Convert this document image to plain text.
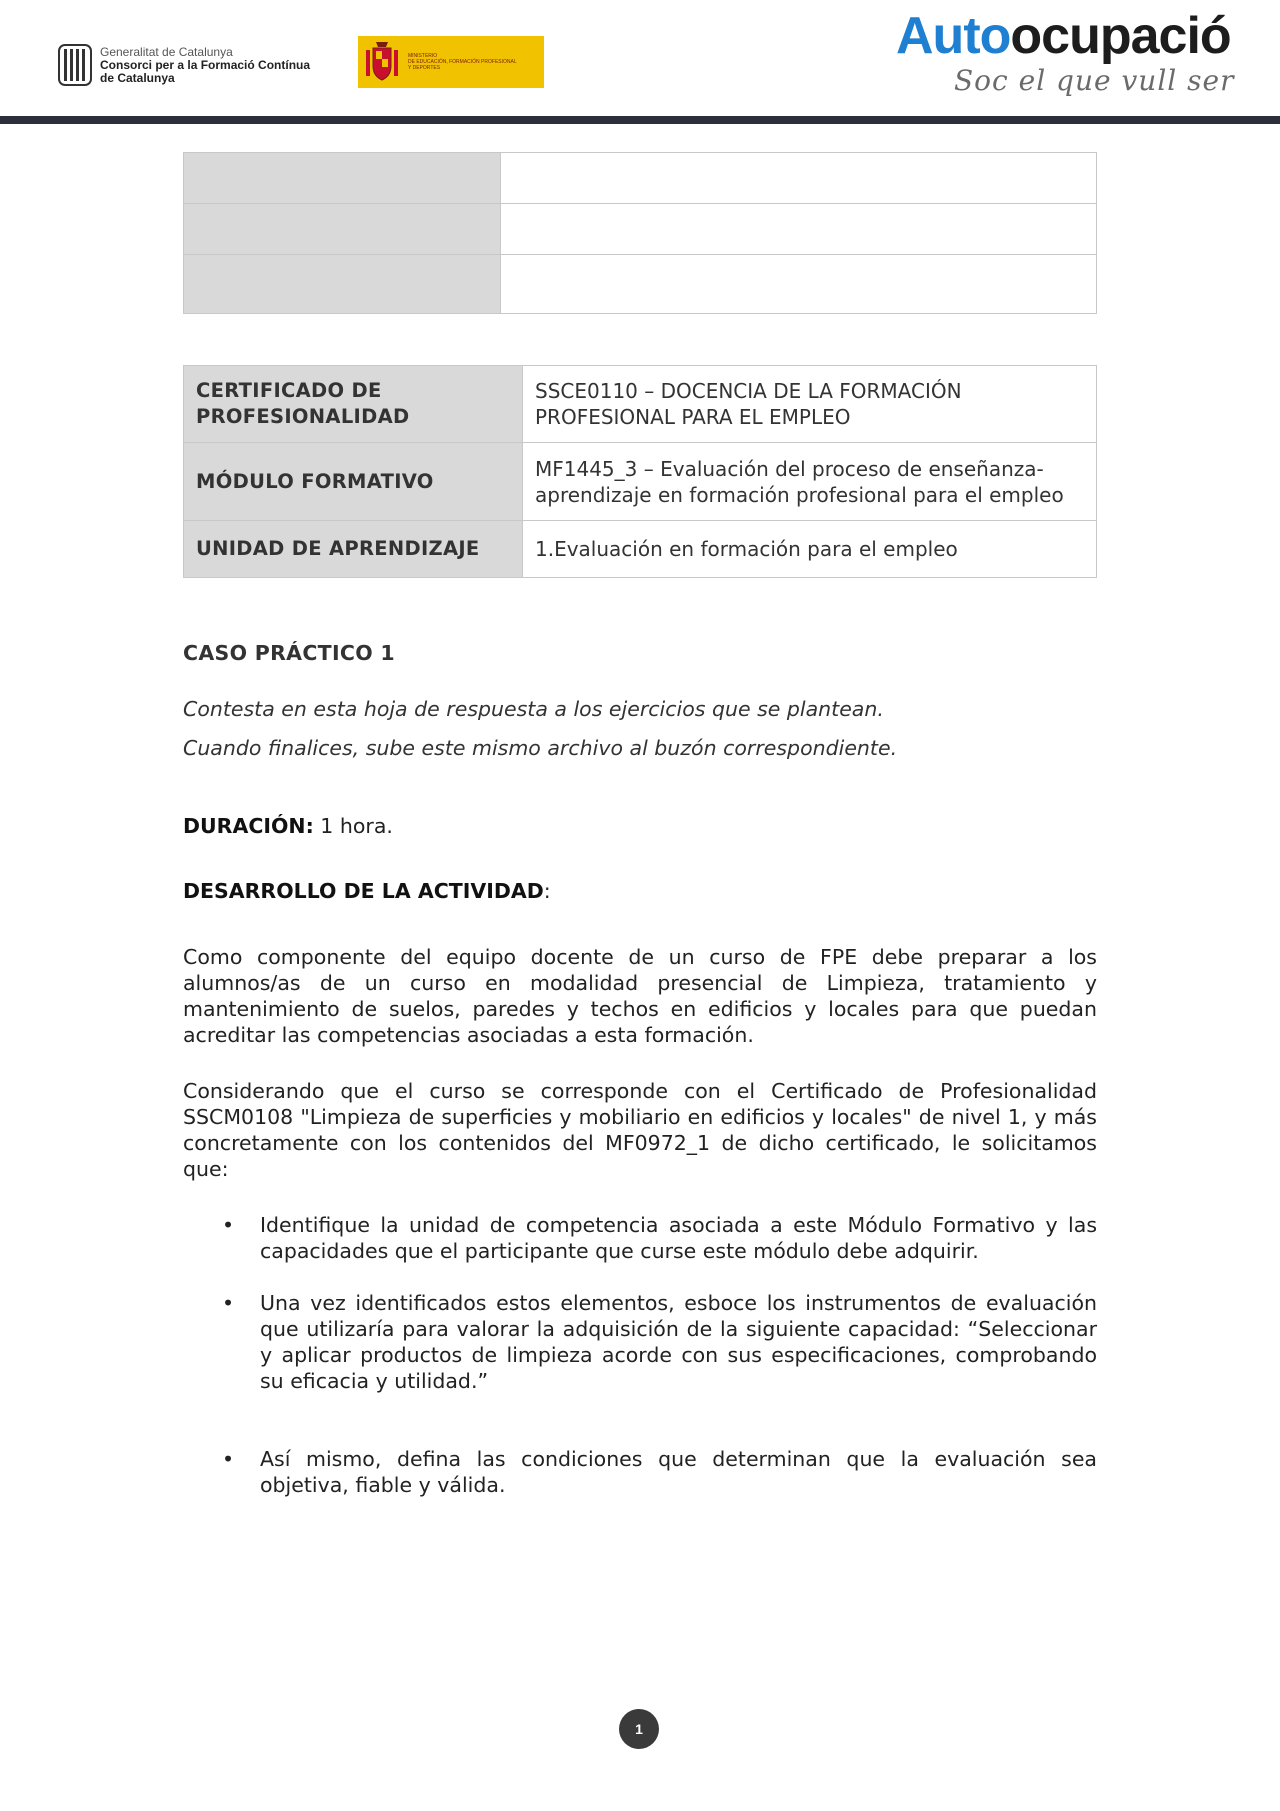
Generalitat de Catalunya
Consorci per a la Formació Contínua
de Catalunya
MINISTERIO
DE EDUCACIÓN, FORMACIÓN PROFESIONAL
Y DEPORTES
Autoocupació
Soc el que vull ser

CERTIFICADO DE PROFESIONALIDAD	SSCE0110 – DOCENCIA DE LA FORMACIÓN PROFESIONAL PARA EL EMPLEO
MÓDULO FORMATIVO	MF1445_3 – Evaluación del proceso de enseñanza-aprendizaje en formación profesional para el empleo
UNIDAD DE APRENDIZAJE	1.Evaluación en formación para el empleo
CASO PRÁCTICO 1

Contesta en esta hoja de respuesta a los ejercicios que se plantean.

Cuando finalices, sube este mismo archivo al buzón correspondiente.

DURACIÓN: 1 hora.
DESARROLLO DE LA ACTIVIDAD:
Como componente del equipo docente de un curso de FPE debe preparar a los alumnos/as de un curso en modalidad presencial de Limpieza, tratamiento y mantenimiento de suelos, paredes y techos en edificios y locales para que puedan acreditar las competencias asociadas a esta formación.
Considerando que el curso se corresponde con el Certificado de Profesionalidad SSCM0108 "Limpieza de superficies y mobiliario en edificios y locales" de nivel 1, y más concretamente con los contenidos del MF0972_1 de dicho certificado, le solicitamos que:
• Identifique la unidad de competencia asociada a este Módulo Formativo y las capacidades que el participante que curse este módulo debe adquirir.
• Una vez identificados estos elementos, esboce los instrumentos de evaluación que utilizaría para valorar la adquisición de la siguiente capacidad: “Seleccionar y aplicar productos de limpieza acorde con sus especificaciones, comprobando su eficacia y utilidad.”
• Así mismo, defina las condiciones que determinan que la evaluación sea objetiva, fiable y válida.
1
